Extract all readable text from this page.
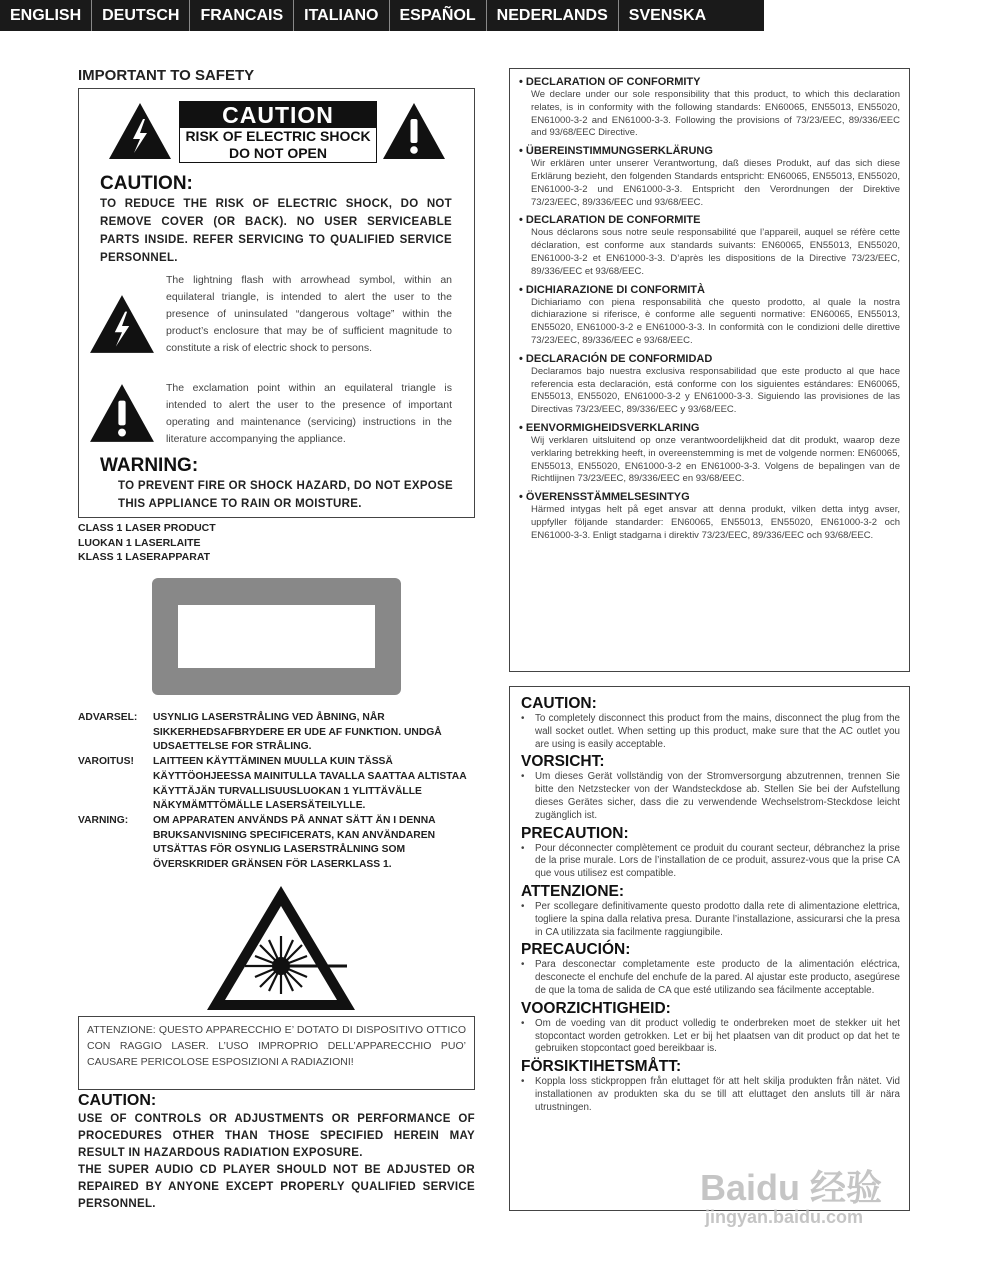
ENGLISH	DEUTSCH	FRANCAIS	ITALIANO	ESPAÑOL	NEDERLANDS	SVENSKA
IMPORTANT TO SAFETY
CAUTION
RISK OF ELECTRIC SHOCK
DO NOT OPEN
CAUTION:
TO REDUCE THE RISK OF ELECTRIC SHOCK, DO NOT REMOVE COVER (OR BACK). NO USER SERVICEABLE PARTS INSIDE. REFER SERVICING TO QUALIFIED SERVICE PERSONNEL.
The lightning flash with arrowhead symbol, within an equilateral triangle, is intended to alert the user to the presence of uninsulated “dangerous voltage” within the product’s enclosure that may be of sufficient magnitude to constitute a risk of electric shock to persons.
The exclamation point within an equilateral triangle is intended to alert the user to the presence of important operating and maintenance (servicing) instructions in the literature accompanying the appliance.
WARNING:
TO PREVENT FIRE OR SHOCK HAZARD, DO NOT EXPOSE THIS APPLIANCE TO RAIN OR MOISTURE.
CLASS 1 LASER PRODUCT
LUOKAN 1 LASERLAITE
KLASS 1 LASERAPPARAT
ADVARSEL:	USYNLIG LASERSTRÅLING VED ÅBNING, NÅR SIKKERHEDSAFBRYDERE ER UDE AF FUNKTION. UNDGÅ UDSAETTELSE FOR STRÅLING.
VAROITUS!	LAITTEEN KÄYTTÄMINEN MUULLA KUIN TÄSSÄ KÄYTTÖOHJEESSA MAINITULLA TAVALLA SAATTAA ALTISTAA KÄYTTÄJÄN TURVALLISUUSLUOKAN 1 YLITTÄVÄLLE NÄKYMÄMTTÖMÄLLE LASERSÄTEILYLLE.
VARNING:	OM APPARATEN ANVÄNDS PÅ ANNAT SÄTT ÄN I DENNA BRUKSANVISNING SPECIFICERATS, KAN ANVÄNDAREN UTSÄTTAS FÖR OSYNLIG LASERSTRÅLNING SOM ÖVERSKRIDER GRÄNSEN FÖR LASERKLASS 1.
ATTENZIONE: QUESTO APPARECCHIO E’ DOTATO DI DISPOSITIVO OTTICO CON RAGGIO LASER. L’USO IMPROPRIO DELL’APPARECCHIO PUO’ CAUSARE PERICOLOSE ESPOSIZIONI A RADIAZIONI!
CAUTION:
USE OF CONTROLS OR ADJUSTMENTS OR PERFORMANCE OF PROCEDURES OTHER THAN THOSE SPECIFIED HEREIN MAY RESULT IN HAZARDOUS RADIATION EXPOSURE.
THE SUPER AUDIO CD PLAYER SHOULD NOT BE ADJUSTED OR REPAIRED BY ANYONE EXCEPT PROPERLY QUALIFIED SERVICE PERSONNEL.
• DECLARATION OF CONFORMITY
We declare under our sole responsibility that this product, to which this declaration relates, is in conformity with the following standards: EN60065, EN55013, EN55020, EN61000-3-2 and EN61000-3-3. Following the provisions of 73/23/EEC, 89/336/EEC and 93/68/EEC Directive.
• ÜBEREINSTIMMUNGSERKLÄRUNG
Wir erklären unter unserer Verantwortung, daß dieses Produkt, auf das sich diese Erklärung bezieht, den folgenden Standards entspricht: EN60065, EN55013, EN55020, EN61000-3-2 und EN61000-3-3. Entspricht den Verordnungen der Direktive 73/23/EEC, 89/336/EEC und 93/68/EEC.
• DECLARATION DE CONFORMITE
Nous déclarons sous notre seule responsabilité que l’appareil, auquel se réfère cette déclaration, est conforme aux standards suivants: EN60065, EN55013, EN55020, EN61000-3-2 et EN61000-3-3. D’après les dispositions de la Directive 73/23/EEC, 89/336/EEC et 93/68/EEC.
• DICHIARAZIONE DI CONFORMITÀ
Dichiariamo con piena responsabilità che questo prodotto, al quale la nostra dichiarazione si riferisce, è conforme alle seguenti normative: EN60065, EN55013, EN55020, EN61000-3-2 e EN61000-3-3. In conformità con le condizioni delle direttive 73/23/EEC, 89/336/EEC e 93/68/EEC.
• DECLARACIÓN DE CONFORMIDAD
Declaramos bajo nuestra exclusiva responsabilidad que este producto al que hace referencia esta declaración, está conforme con los siguientes estándares: EN60065, EN55013, EN55020, EN61000-3-2 y EN61000-3-3. Siguiendo las provisiones de las Directivas 73/23/EEC, 89/336/EEC y 93/68/EEC.
• EENVORMIGHEIDSVERKLARING
Wij verklaren uitsluitend op onze verantwoordelijkheid dat dit produkt, waarop deze verklaring betrekking heeft, in overeenstemming is met de volgende normen: EN60065, EN55013, EN55020, EN61000-3-2 en EN61000-3-3. Volgens de bepalingen van de Richtlijnen 73/23/EEC, 89/336/EEC en 93/68/EEC.
• ÖVERENSSTÄMMELSESINTYG
Härmed intygas helt på eget ansvar att denna produkt, vilken detta intyg avser, uppfyller följande standarder: EN60065, EN55013, EN55020, EN61000-3-2 och EN61000-3-3. Enligt stadgarna i direktiv 73/23/EEC, 89/336/EEC och 93/68/EEC.
CAUTION:
•	To completely disconnect this product from the mains, disconnect the plug from the wall socket outlet. When setting up this product, make sure that the AC outlet you are using is easily acceptable.
VORSICHT:
•	Um dieses Gerät vollständig von der Stromversorgung abzutrennen, trennen Sie bitte den Netzstecker von der Wandsteckdose ab. Stellen Sie bei der Aufstellung dieses Gerätes sicher, dass die zu verwendende Wechselstrom-Steckdose leicht zugänglich ist.
PRECAUTION:
•	Pour déconnecter complètement ce produit du courant secteur, débranchez la prise de la prise murale. Lors de l’installation de ce produit, assurez-vous que la prise CA que vous utilisez est compatible.
ATTENZIONE:
•	Per scollegare definitivamente questo prodotto dalla rete di alimentazione elettrica, togliere la spina dalla relativa presa. Durante l’installazione, assicurarsi che la presa in CA utilizzata sia facilmente raggiungibile.
PRECAUCIÓN:
•	Para desconectar completamente este producto de la alimentación eléctrica, desconecte el enchufe del enchufe de la pared. Al ajustar este producto, asegúrese de que la toma de salida de CA que esté utilizando sea fácilmente acceptable.
VOORZICHTIGHEID:
•	Om de voeding van dit product volledig te onderbreken moet de stekker uit het stopcontact worden getrokken. Let er bij het plaatsen van dit product op dat het te gebruiken stopcontact goed bereikbaar is.
FÖRSIKTIHETSMÅTT:
•	Koppla loss stickproppen från eluttaget för att helt skilja produkten från nätet. Vid installationen av produkten ska du se till att eluttaget den ansluts till är nära utrustningen.
Baidu 经验
jingyan.baidu.com
